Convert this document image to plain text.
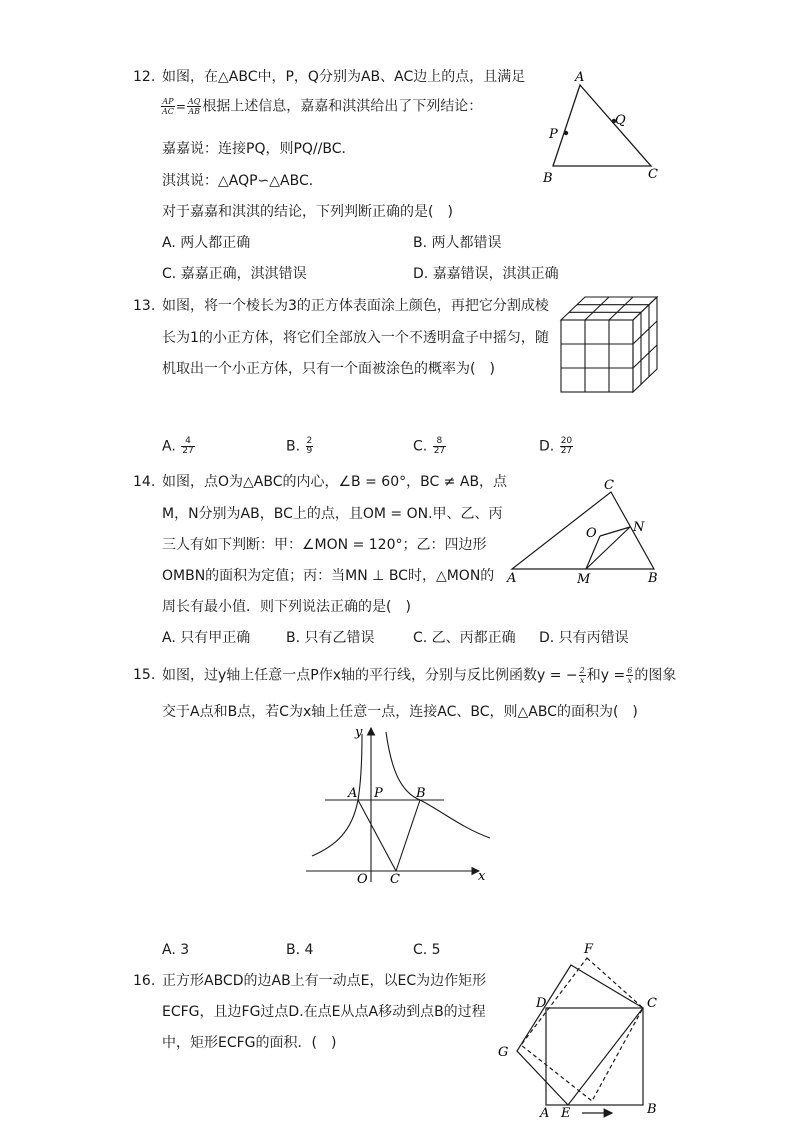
12. 如图，在△ABC中，P，Q分别为AB、AC边上的点，且满足
$\frac{AP}{AC} = \frac{AQ}{AB}$ 根据上述信息，嘉嘉和淇淇给出了下列结论：
嘉嘉说：连接PQ，则PQ//BC．
淇淇说：△AQP∽△ABC．
对于嘉嘉和淇淇的结论，下列判断正确的是(　)
A. 两人都正确	B. 两人都错误
C. 嘉嘉正确，淇淇错误	D. 嘉嘉错误，淇淇正确
A
P
Q
B	C
13. 如图，将一个棱长为3的正方体表面涂上颜色，再把它分割成棱
长为1的小正方体，将它们全部放入一个不透明盒子中摇匀，随
机取出一个小正方体，只有一个面被涂色的概率为(　)
A. $\frac{4}{27}$	B. $\frac{2}{9}$	C. $\frac{8}{27}$	D. $\frac{20}{27}$
14. 如图，点O为△ABC的内心，∠B = 60°，BC ≠ AB，点
M，N分别为AB，BC上的点，且OM = ON.甲、乙、丙
三人有如下判断：甲：∠MON = 120°；乙：四边形
OMBN的面积为定值；丙：当MN ⊥ BC时，△MON的
周长有最小值．则下列说法正确的是(　)
A. 只有甲正确	B. 只有乙错误	C. 乙、丙都正确 D. 只有丙错误
C
O	N
A	M	B
15. 如图，过y轴上任意一点P作x轴的平行线，分别与反比例函数y = − $\frac{2}{x}$ 和$y = \frac{6}{x}$ 的图象
交于A点和B点，若C为x轴上任意一点，连接AC、BC，则△ABC的面积为(　)
A. 3	B. 4	C. 5
y
x
O
A P	B
C
16. 正方形ABCD的边AB上有一动点E，以EC为边作矩形
ECFG，且边FG过点D.在点E从点A移动到点B的过程
中，矩形ECFG的面积．(　)
F
D	C
G
A E	B
